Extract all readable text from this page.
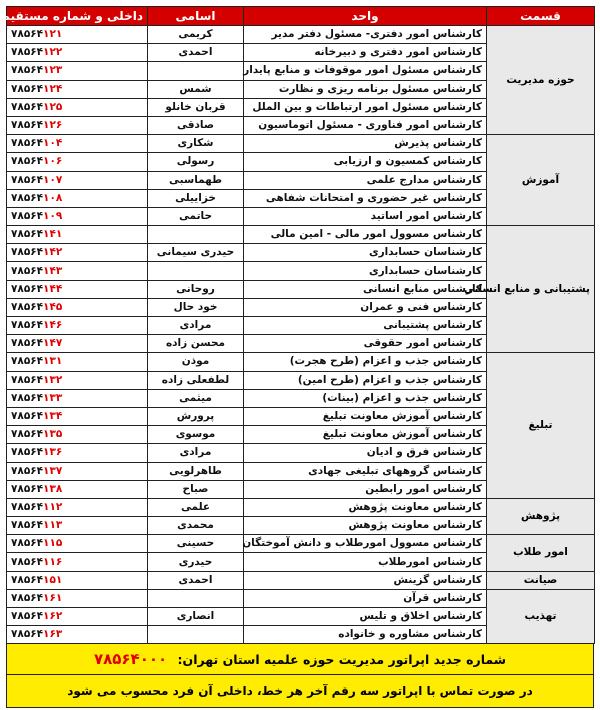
قسمت	واحد	اسامی	داخلی و شماره مستقیم
حوزه مدیریت	کارشناس امور دفتری- مسئول دفتر مدیر	کریمی	۷۸۵۶۴۱۲۱
	کارشناس امور دفتری و دبیرخانه	احمدی	۷۸۵۶۴۱۲۲
	کارشناس مسئول امور موقوفات و منابع پایدار		۷۸۵۶۴۱۲۳
	کارشناس مسئول برنامه ریزی و نظارت	شمس	۷۸۵۶۴۱۲۴
	کارشناس مسئول امور ارتباطات و بین الملل	قربان خانلو	۷۸۵۶۴۱۲۵
	کارشناس امور فناوری - مسئول اتوماسیون	صادقی	۷۸۵۶۴۱۲۶
آموزش	کارشناس پذیرش	شکاری	۷۸۵۶۴۱۰۴
	کارشناس کمسیون و ارزیابی	رسولی	۷۸۵۶۴۱۰۶
	کارشناس مدارج علمی	طهماسبی	۷۸۵۶۴۱۰۷
	کارشناس غیر حضوری و امتحانات شفاهی	خزاییلی	۷۸۵۶۴۱۰۸
	کارشناس امور اساتید	حاتمی	۷۸۵۶۴۱۰۹
پشتیبانی و منابع انسانی	کارشناس مسوول امور مالی - امین مالی		۷۸۵۶۴۱۴۱
	کارشناسان حسابداری	حیدری سیمانی	۷۸۵۶۴۱۴۲
	کارشناسان حسابداری		۷۸۵۶۴۱۴۳
	کارشناس منابع انسانی	روحانی	۷۸۵۶۴۱۴۴
	کارشناس فنی و عمران	خود حال	۷۸۵۶۴۱۴۵
	کارشناس پشتیبانی	مرادی	۷۸۵۶۴۱۴۶
	کارشناس امور حقوقی	محسن زاده	۷۸۵۶۴۱۴۷
تبلیغ	کارشناس جذب و اعزام (طرح هجرت)	موذن	۷۸۵۶۴۱۳۱
	کارشناس جذب و اعزام (طرح امین)	لطفعلی زاده	۷۸۵۶۴۱۳۲
	کارشناس جذب و اعزام (بینات)	میثمی	۷۸۵۶۴۱۳۳
	کارشناس آموزش معاونت تبلیغ	پرورش	۷۸۵۶۴۱۳۴
	کارشناس آموزش معاونت تبلیغ	موسوی	۷۸۵۶۴۱۳۵
	کارشناس فرق و ادیان	مرادی	۷۸۵۶۴۱۳۶
	کارشناس گروههای تبلیغی جهادی	طاهرلویی	۷۸۵۶۴۱۳۷
	کارشناس امور رابطین	صباح	۷۸۵۶۴۱۳۸
پژوهش	کارشناس معاونت پژوهش	علمی	۷۸۵۶۴۱۱۲
	کارشناس معاونت پژوهش	محمدی	۷۸۵۶۴۱۱۳
امور طلاب	کارشناس مسوول امورطلاب و دانش آموختگان	حسینی	۷۸۵۶۴۱۱۵
	کارشناس امورطلاب	حیدری	۷۸۵۶۴۱۱۶
صیانت	کارشناس گزینش	احمدی	۷۸۵۶۴۱۵۱
تهذیب	کارشناس قرآن		۷۸۵۶۴۱۶۱
	کارشناس اخلاق و تلیس	انصاری	۷۸۵۶۴۱۶۲
	کارشناس مشاوره و خانواده		۷۸۵۶۴۱۶۳
شماره جدید اپراتور مدیریت حوزه علمیه استان تهران: ۷۸۵۶۴۰۰۰
در صورت تماس با اپراتور سه رقم آخر هر خط، داخلی آن فرد محسوب می شود
